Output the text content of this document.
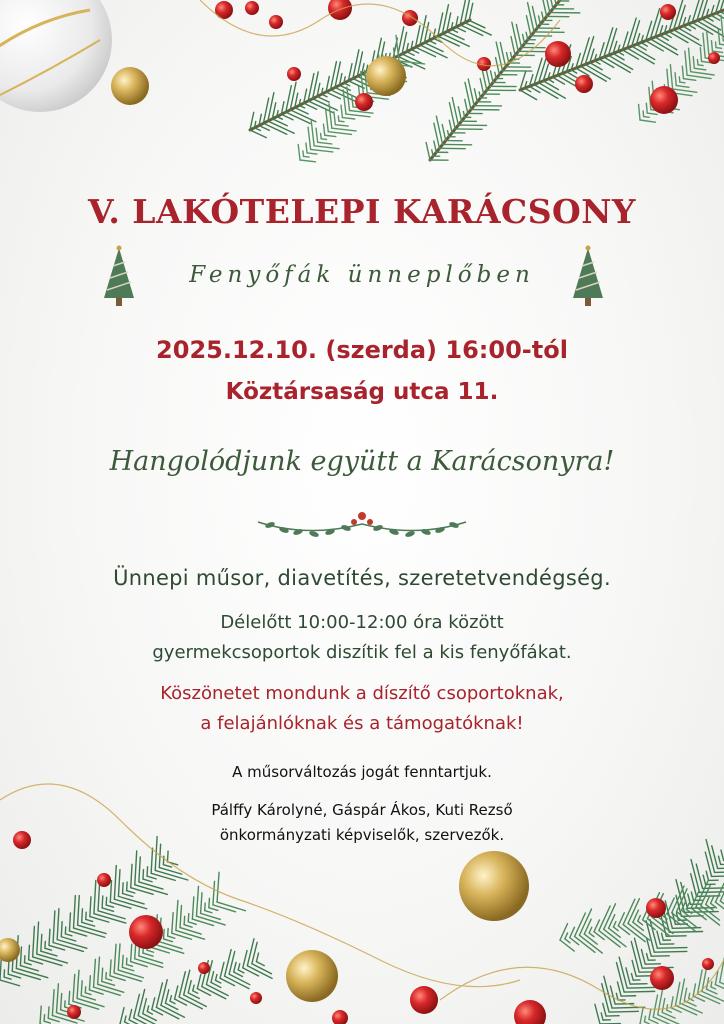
V. LAKÓTELEPI KARÁCSONY
Fenyőfák ünneplőben
2025.12.10. (szerda) 16:00-tól
Köztársaság utca 11.
Hangolódjunk együtt a Karácsonyra!
Ünnepi műsor, diavetítés, szeretetvendégség.
Délelőtt 10:00-12:00 óra között
gyermekcsoportok diszítik fel a kis fenyőfákat.
Köszönetet mondunk a díszítő csoportoknak,
a felajánlóknak és a támogatóknak!
A műsorváltozás jogát fenntartjuk.
Pálffy Károlyné, Gáspár Ákos, Kuti Rezső
önkormányzati képviselők, szervezők.
